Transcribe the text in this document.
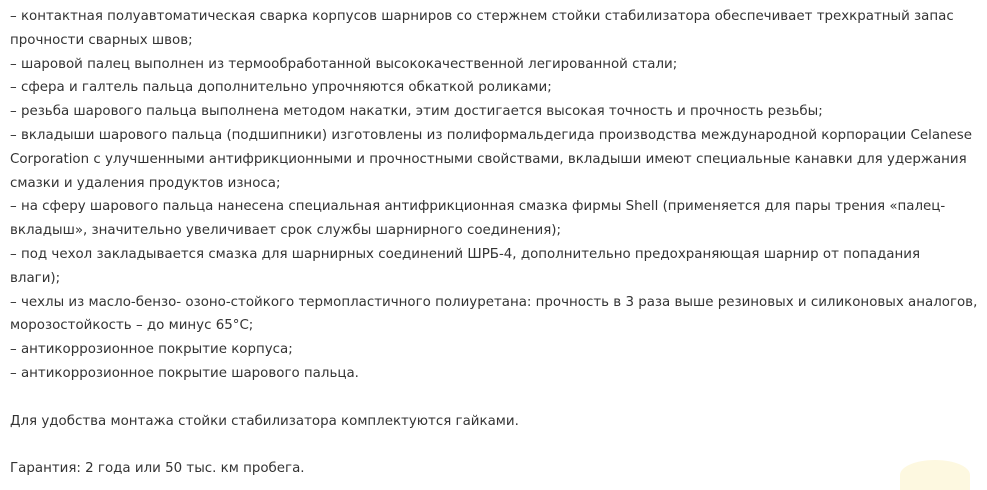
– контактная полуавтоматическая сварка корпусов шарниров со стержнем стойки стабилизатора обеспечивает трехкратный запас
прочности сварных швов;
– шаровой палец выполнен из термообработанной высококачественной легированной стали;
– сфера и галтель пальца дополнительно упрочняются обкаткой роликами;
– резьба шарового пальца выполнена методом накатки, этим достигается высокая точность и прочность резьбы;
– вкладыши шарового пальца (подшипники) изготовлены из полиформальдегида производства международной корпорации Celanese
Corporation с улучшенными антифрикционными и прочностными свойствами, вкладыши имеют специальные канавки для удержания
смазки и удаления продуктов износа;
– на сферу шарового пальца нанесена специальная антифрикционная смазка фирмы Shell (применяется для пары трения «палец-
вкладыш», значительно увеличивает срок службы шарнирного соединения);
– под чехол закладывается смазка для шарнирных соединений ШРБ-4, дополнительно предохраняющая шарнир от попадания
влаги);
– чехлы из масло-бензо- озоно-стойкого термопластичного полиуретана: прочность в 3 раза выше резиновых и силиконовых аналогов,
морозостойкость – до минус 65°С;
– антикоррозионное покрытие корпуса;
– антикоррозионное покрытие шарового пальца.
Для удобства монтажа стойки стабилизатора комплектуются гайками.
Гарантия: 2 года или 50 тыс. км пробега.
